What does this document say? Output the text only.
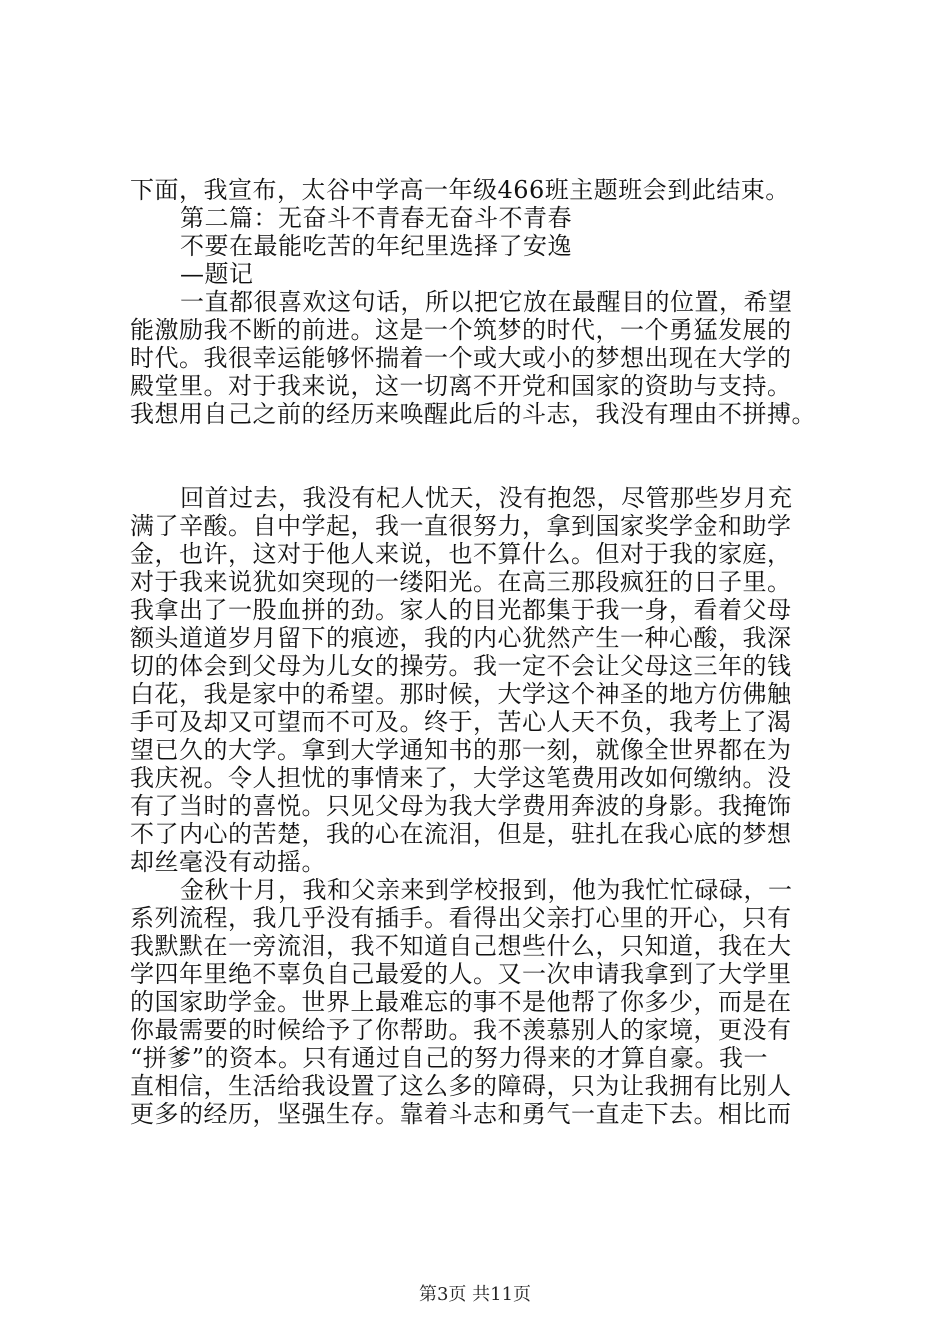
下面，我宣布，太谷中学高一年级466班主题班会到此结束。
第二篇：无奋斗不青春无奋斗不青春
不要在最能吃苦的年纪里选择了安逸
—题记
一直都很喜欢这句话，所以把它放在最醒目的位置，希望
能激励我不断的前进。这是一个筑梦的时代，一个勇猛发展的
时代。我很幸运能够怀揣着一个或大或小的梦想出现在大学的
殿堂里。对于我来说，这一切离不开党和国家的资助与支持。
我想用自己之前的经历来唤醒此后的斗志，我没有理由不拼搏。
回首过去，我没有杞人忧天，没有抱怨，尽管那些岁月充
满了辛酸。自中学起，我一直很努力，拿到国家奖学金和助学
金，也许，这对于他人来说，也不算什么。但对于我的家庭，
对于我来说犹如突现的一缕阳光。在高三那段疯狂的日子里。
我拿出了一股血拼的劲。家人的目光都集于我一身，看着父母
额头道道岁月留下的痕迹，我的内心犹然产生一种心酸，我深
切的体会到父母为儿女的操劳。我一定不会让父母这三年的钱
白花，我是家中的希望。那时候，大学这个神圣的地方仿佛触
手可及却又可望而不可及。终于，苦心人天不负，我考上了渴
望已久的大学。拿到大学通知书的那一刻，就像全世界都在为
我庆祝。令人担忧的事情来了，大学这笔费用改如何缴纳。没
有了当时的喜悦。只见父母为我大学费用奔波的身影。我掩饰
不了内心的苦楚，我的心在流泪，但是，驻扎在我心底的梦想
却丝毫没有动摇。
金秋十月，我和父亲来到学校报到，他为我忙忙碌碌，一
系列流程，我几乎没有插手。看得出父亲打心里的开心，只有
我默默在一旁流泪，我不知道自己想些什么，只知道，我在大
学四年里绝不辜负自己最爱的人。又一次申请我拿到了大学里
的国家助学金。世界上最难忘的事不是他帮了你多少，而是在
你最需要的时候给予了你帮助。我不羡慕别人的家境，更没有
“拼爹”的资本。只有通过自己的努力得来的才算自豪。我一
直相信，生活给我设置了这么多的障碍，只为让我拥有比别人
更多的经历，坚强生存。靠着斗志和勇气一直走下去。相比而
第3页 共11页
